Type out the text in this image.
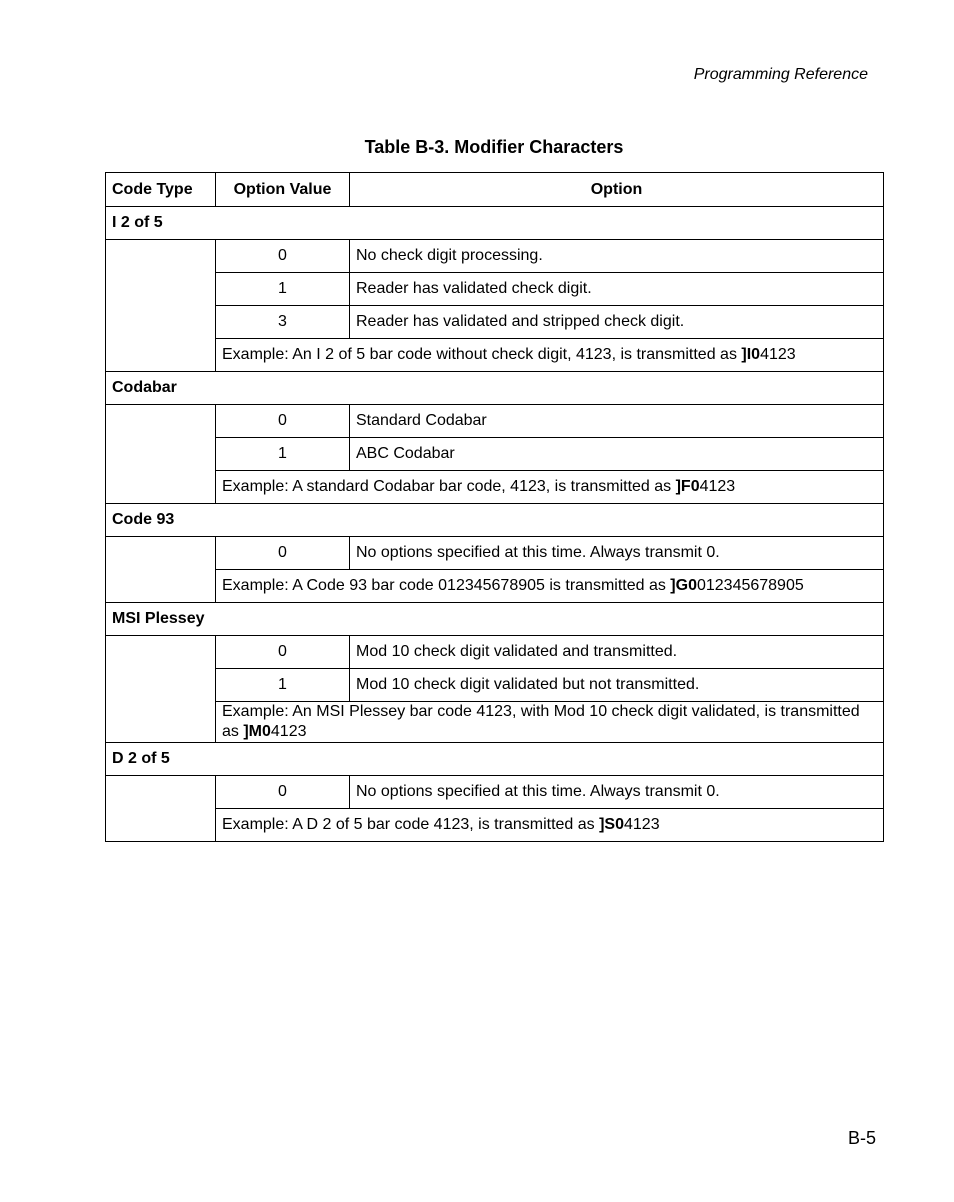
Programming Reference
Table B-3. Modifier Characters
Code Type	Option Value	Option
I 2 of 5		
	0	No check digit processing.
	1	Reader has validated check digit.
	3	Reader has validated and stripped check digit.
	Example: An I 2 of 5 bar code without check digit, 4123, is transmitted as ]I04123	
Codabar		
	0	Standard Codabar
	1	ABC Codabar
	Example: A standard Codabar bar code, 4123, is transmitted as ]F04123	
Code 93		
	0	No options specified at this time. Always transmit 0.
	Example: A Code 93 bar code 012345678905 is transmitted as ]G0012345678905	
MSI Plessey		
	0	Mod 10 check digit validated and transmitted.
	1	Mod 10 check digit validated but not transmitted.
	Example: An MSI Plessey bar code 4123, with Mod 10 check digit validated, is transmitted as ]M04123	
D 2 of 5		
	0	No options specified at this time. Always transmit 0.
	Example: A D 2 of 5 bar code 4123, is transmitted as ]S04123	
B-5
